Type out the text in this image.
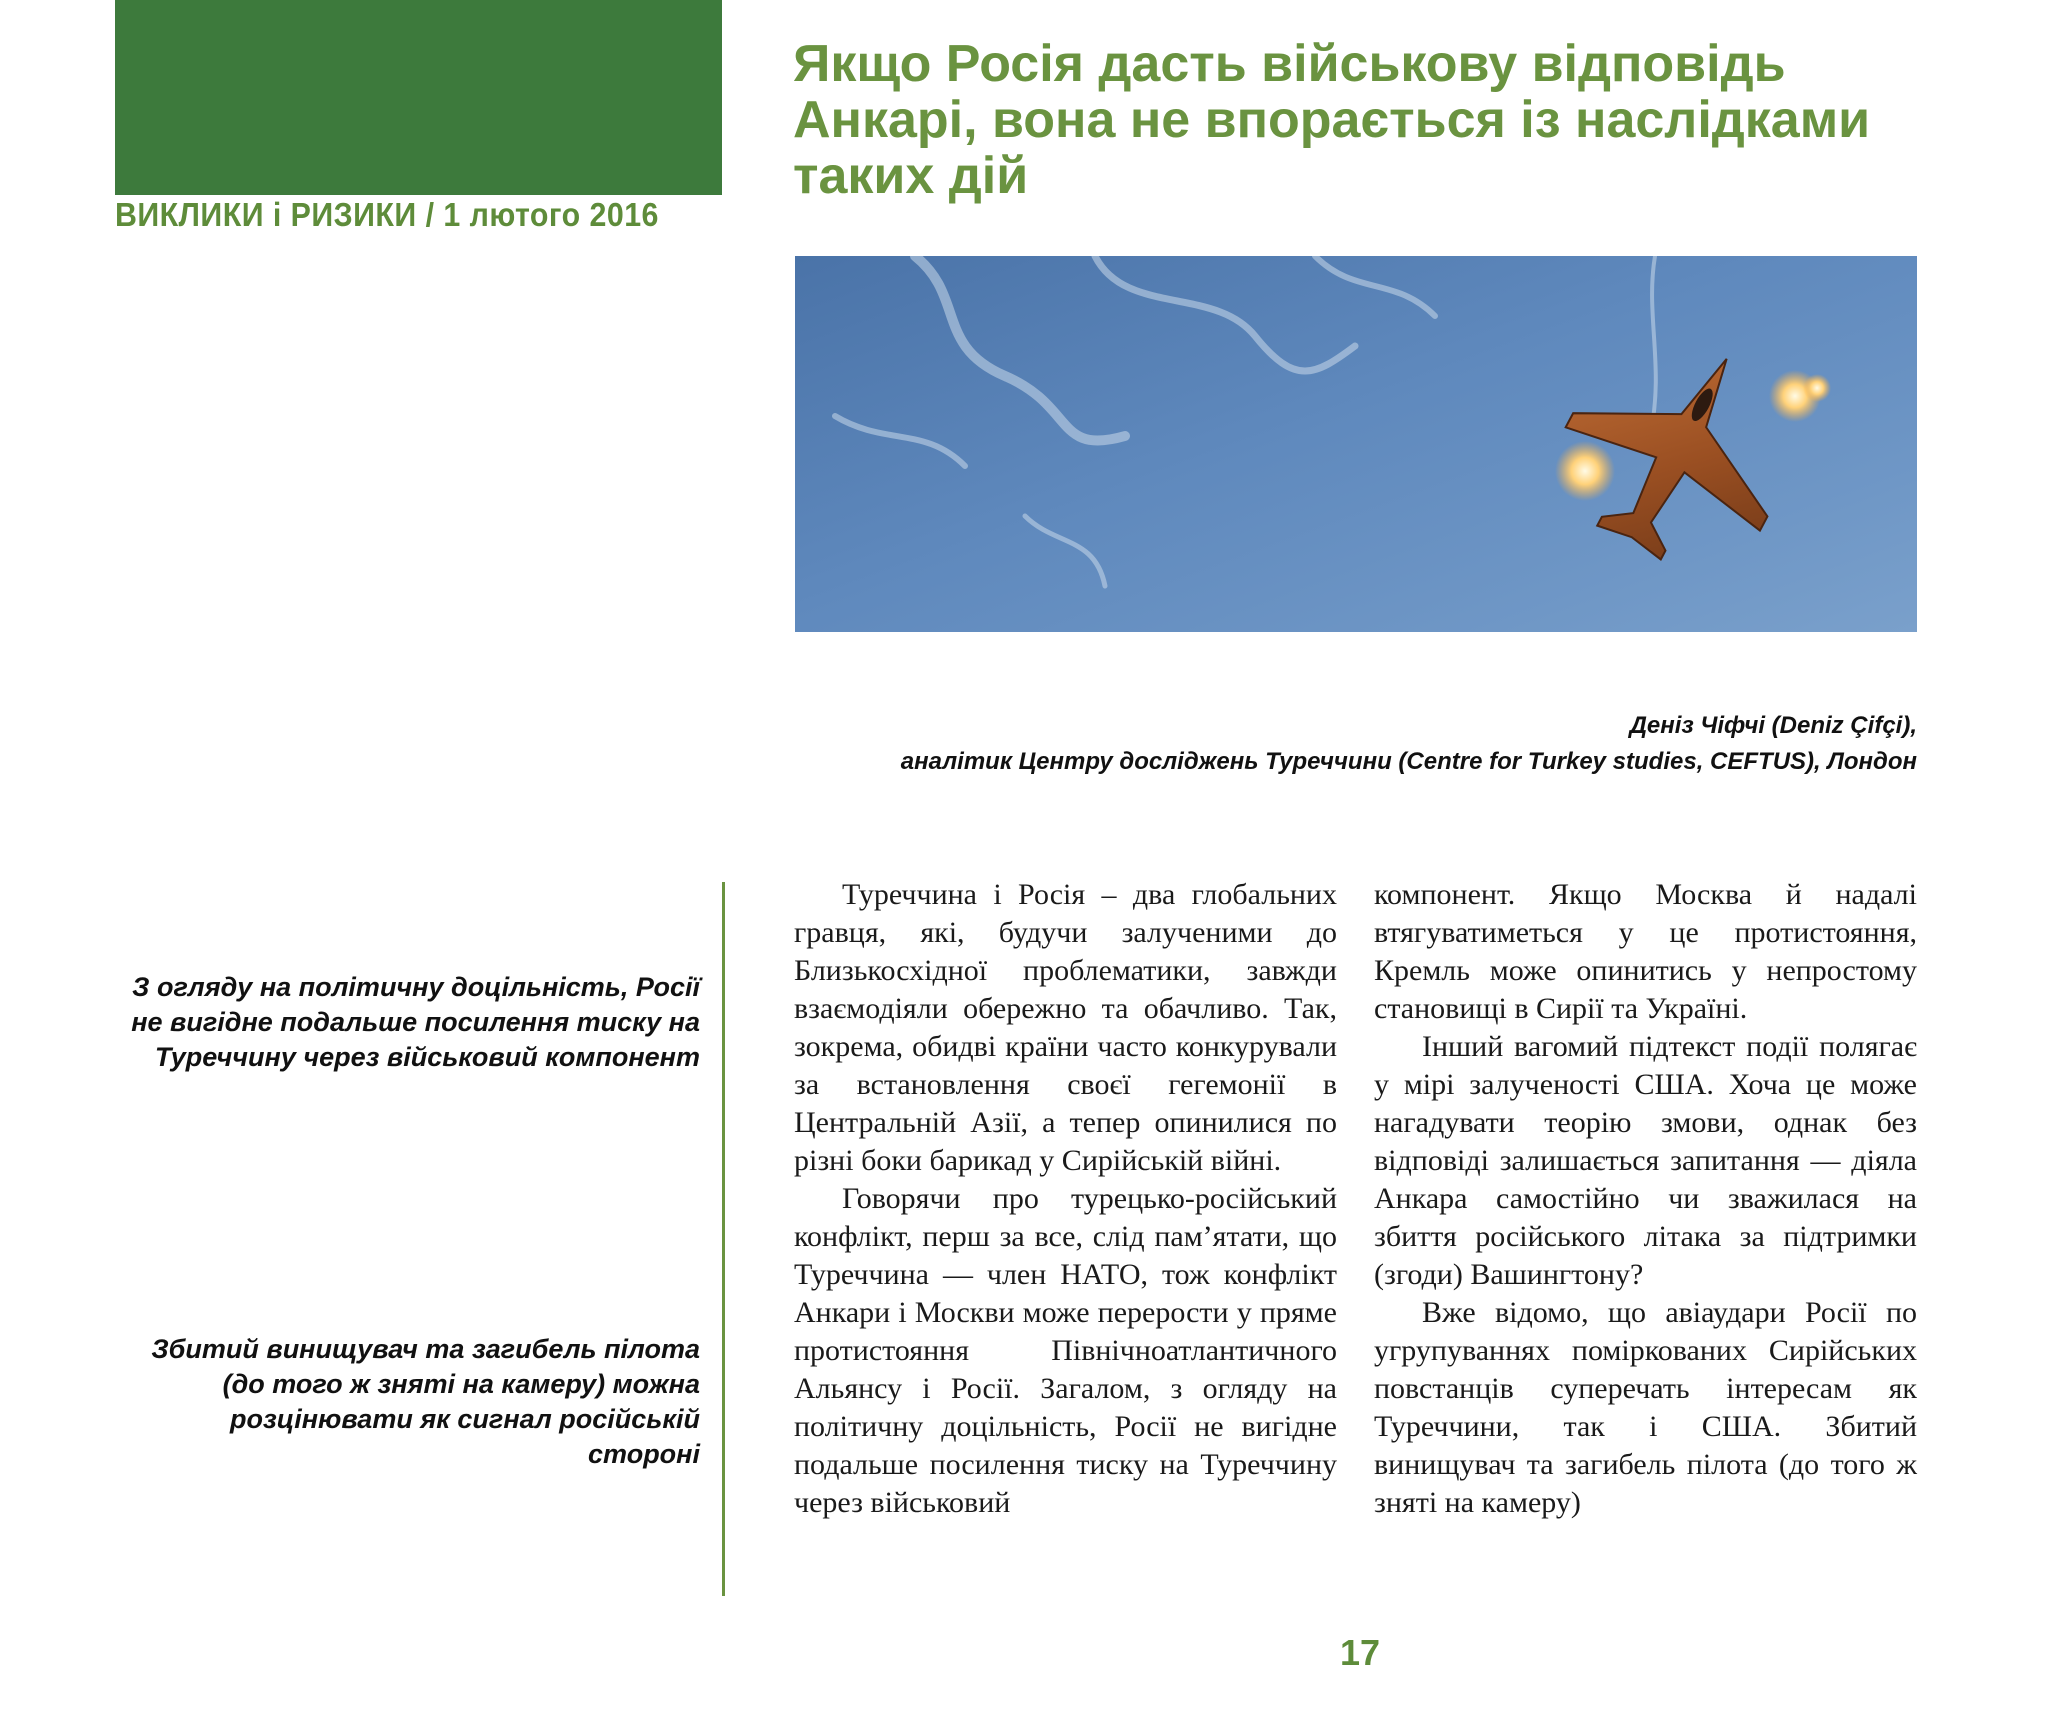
ВИКЛИКИ і РИЗИКИ / 1 лютого 2016
Якщо Росія дасть військову відповідь Анкарі, вона не впорається із наслідками таких дій
Деніз Чіфчі (Deniz Çifçi),
аналітик Центру досліджень Туреччини (Centre for Turkey studies, CEFTUS), Лондон
З огляду на політичну доцільність, Росії не вигідне подальше посилення тиску на Туреччину через військовий компонент
Збитий винищувач та загибель пілота (до того ж зняті на камеру) можна розцінювати як сигнал російській стороні

Туреччина і Росія – два глобальних гравця, які, будучи залученими до Близькосхідної проблематики, завжди взаємодіяли обережно та обачливо. Так, зокрема, обидві країни часто конкурували за встановлення своєї гегемонії в Центральній Азії, а тепер опинилися по різні боки барикад у Сирійській війні.

Говорячи про турецько-російський конфлікт, перш за все, слід пам’ятати, що Туреччина — член НАТО, тож конфлікт Анкари і Москви може перерости у пряме протистояння Північноатлантичного Альянсу і Росії. Загалом, з огляду на політичну доцільність, Росії не вигідне подальше посилення тиску на Туреччину через військовий

компонент. Якщо Москва й надалі втягуватиметься у це протистояння, Кремль може опинитись у непростому становищі в Сирії та Україні.

Інший вагомий підтекст події полягає у мірі залученості США. Хоча це може нагадувати теорію змови, однак без відповіді залишається запитання — діяла Анкара самостійно чи зважилася на збиття російського літака за підтримки (згоди) Вашингтону?

Вже відомо, що авіаудари Росії по угрупуваннях поміркованих Сирійських повстанців суперечать інтересам як Туреччини, так і США. Збитий винищувач та загибель пілота (до того ж зняті на камеру)

17
